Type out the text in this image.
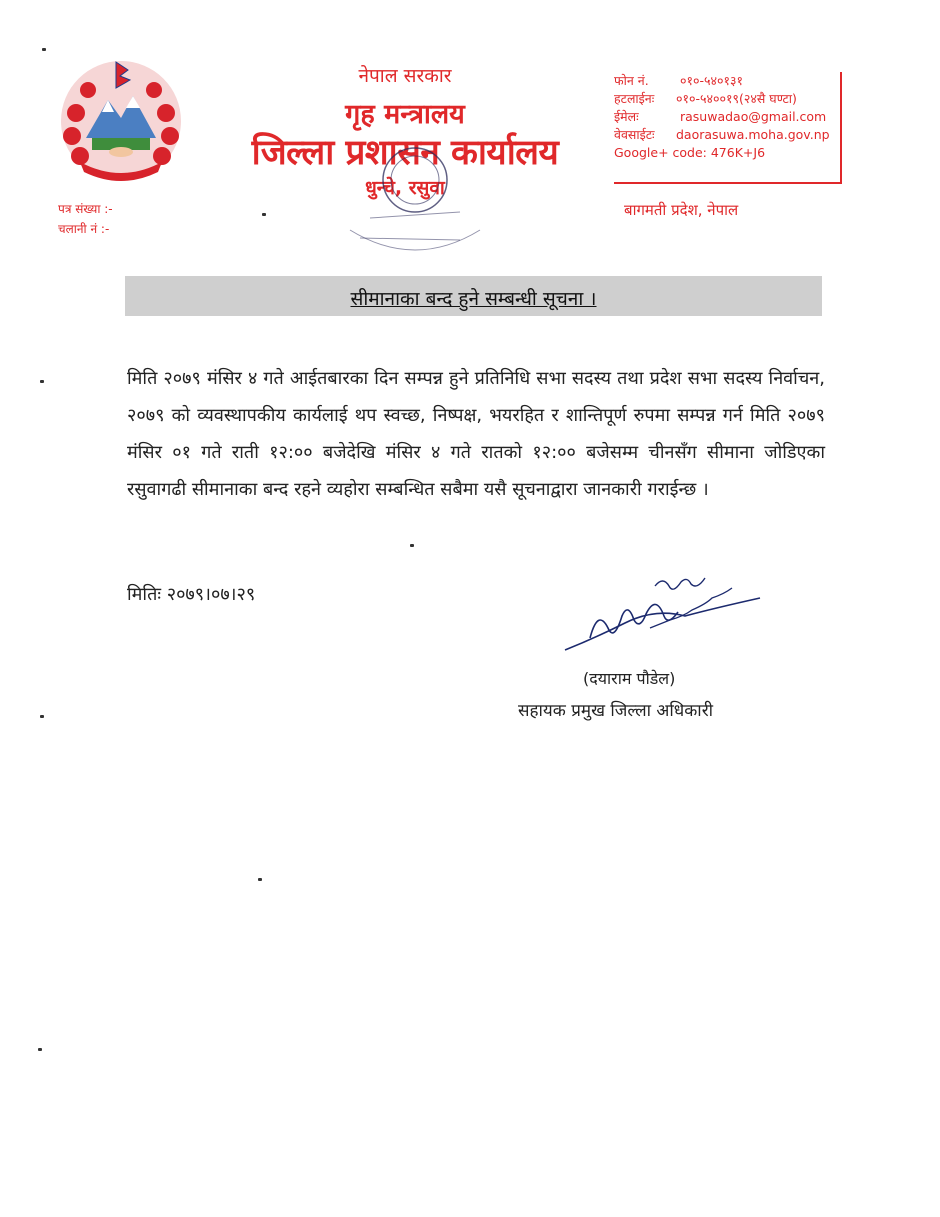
नेपाल सरकार
गृह मन्त्रालय
जिल्ला प्रशासन कार्यालय
धुन्चे, रसुवा
फोन नं.	०१०-५४०१३१
हटलाईनः ०१०-५४००१९(२४सै घण्टा)
ईमेलः	rasuwadao@gmail.com
वेवसाईटः daorasuwa.moha.gov.np
Google+ code: 476K+J6
बागमती प्रदेश, नेपाल
पत्र संख्या :-
चलानी नं :-
सीमानाका बन्द हुने सम्बन्धी सूचना ।
मिति २०७९ मंसिर ४ गते आईतबारका दिन सम्पन्न हुने प्रतिनिधि सभा सदस्य तथा प्रदेश सभा सदस्य निर्वाचन, २०७९ को व्यवस्थापकीय कार्यलाई थप स्वच्छ, निष्पक्ष, भयरहित र शान्तिपूर्ण रुपमा सम्पन्न गर्न मिति २०७९ मंसिर ०१ गते राती १२:०० बजेदेखि मंसिर ४ गते रातको १२:०० बजेसम्म चीनसँग सीमाना जोडिएका रसुवागढी सीमानाका बन्द रहने व्यहोरा सम्बन्धित सबैमा यसै सूचनाद्वारा जानकारी गराईन्छ ।
मितिः २०७९।०७।२९
(दयाराम पौडेल)
सहायक प्रमुख जिल्ला अधिकारी
